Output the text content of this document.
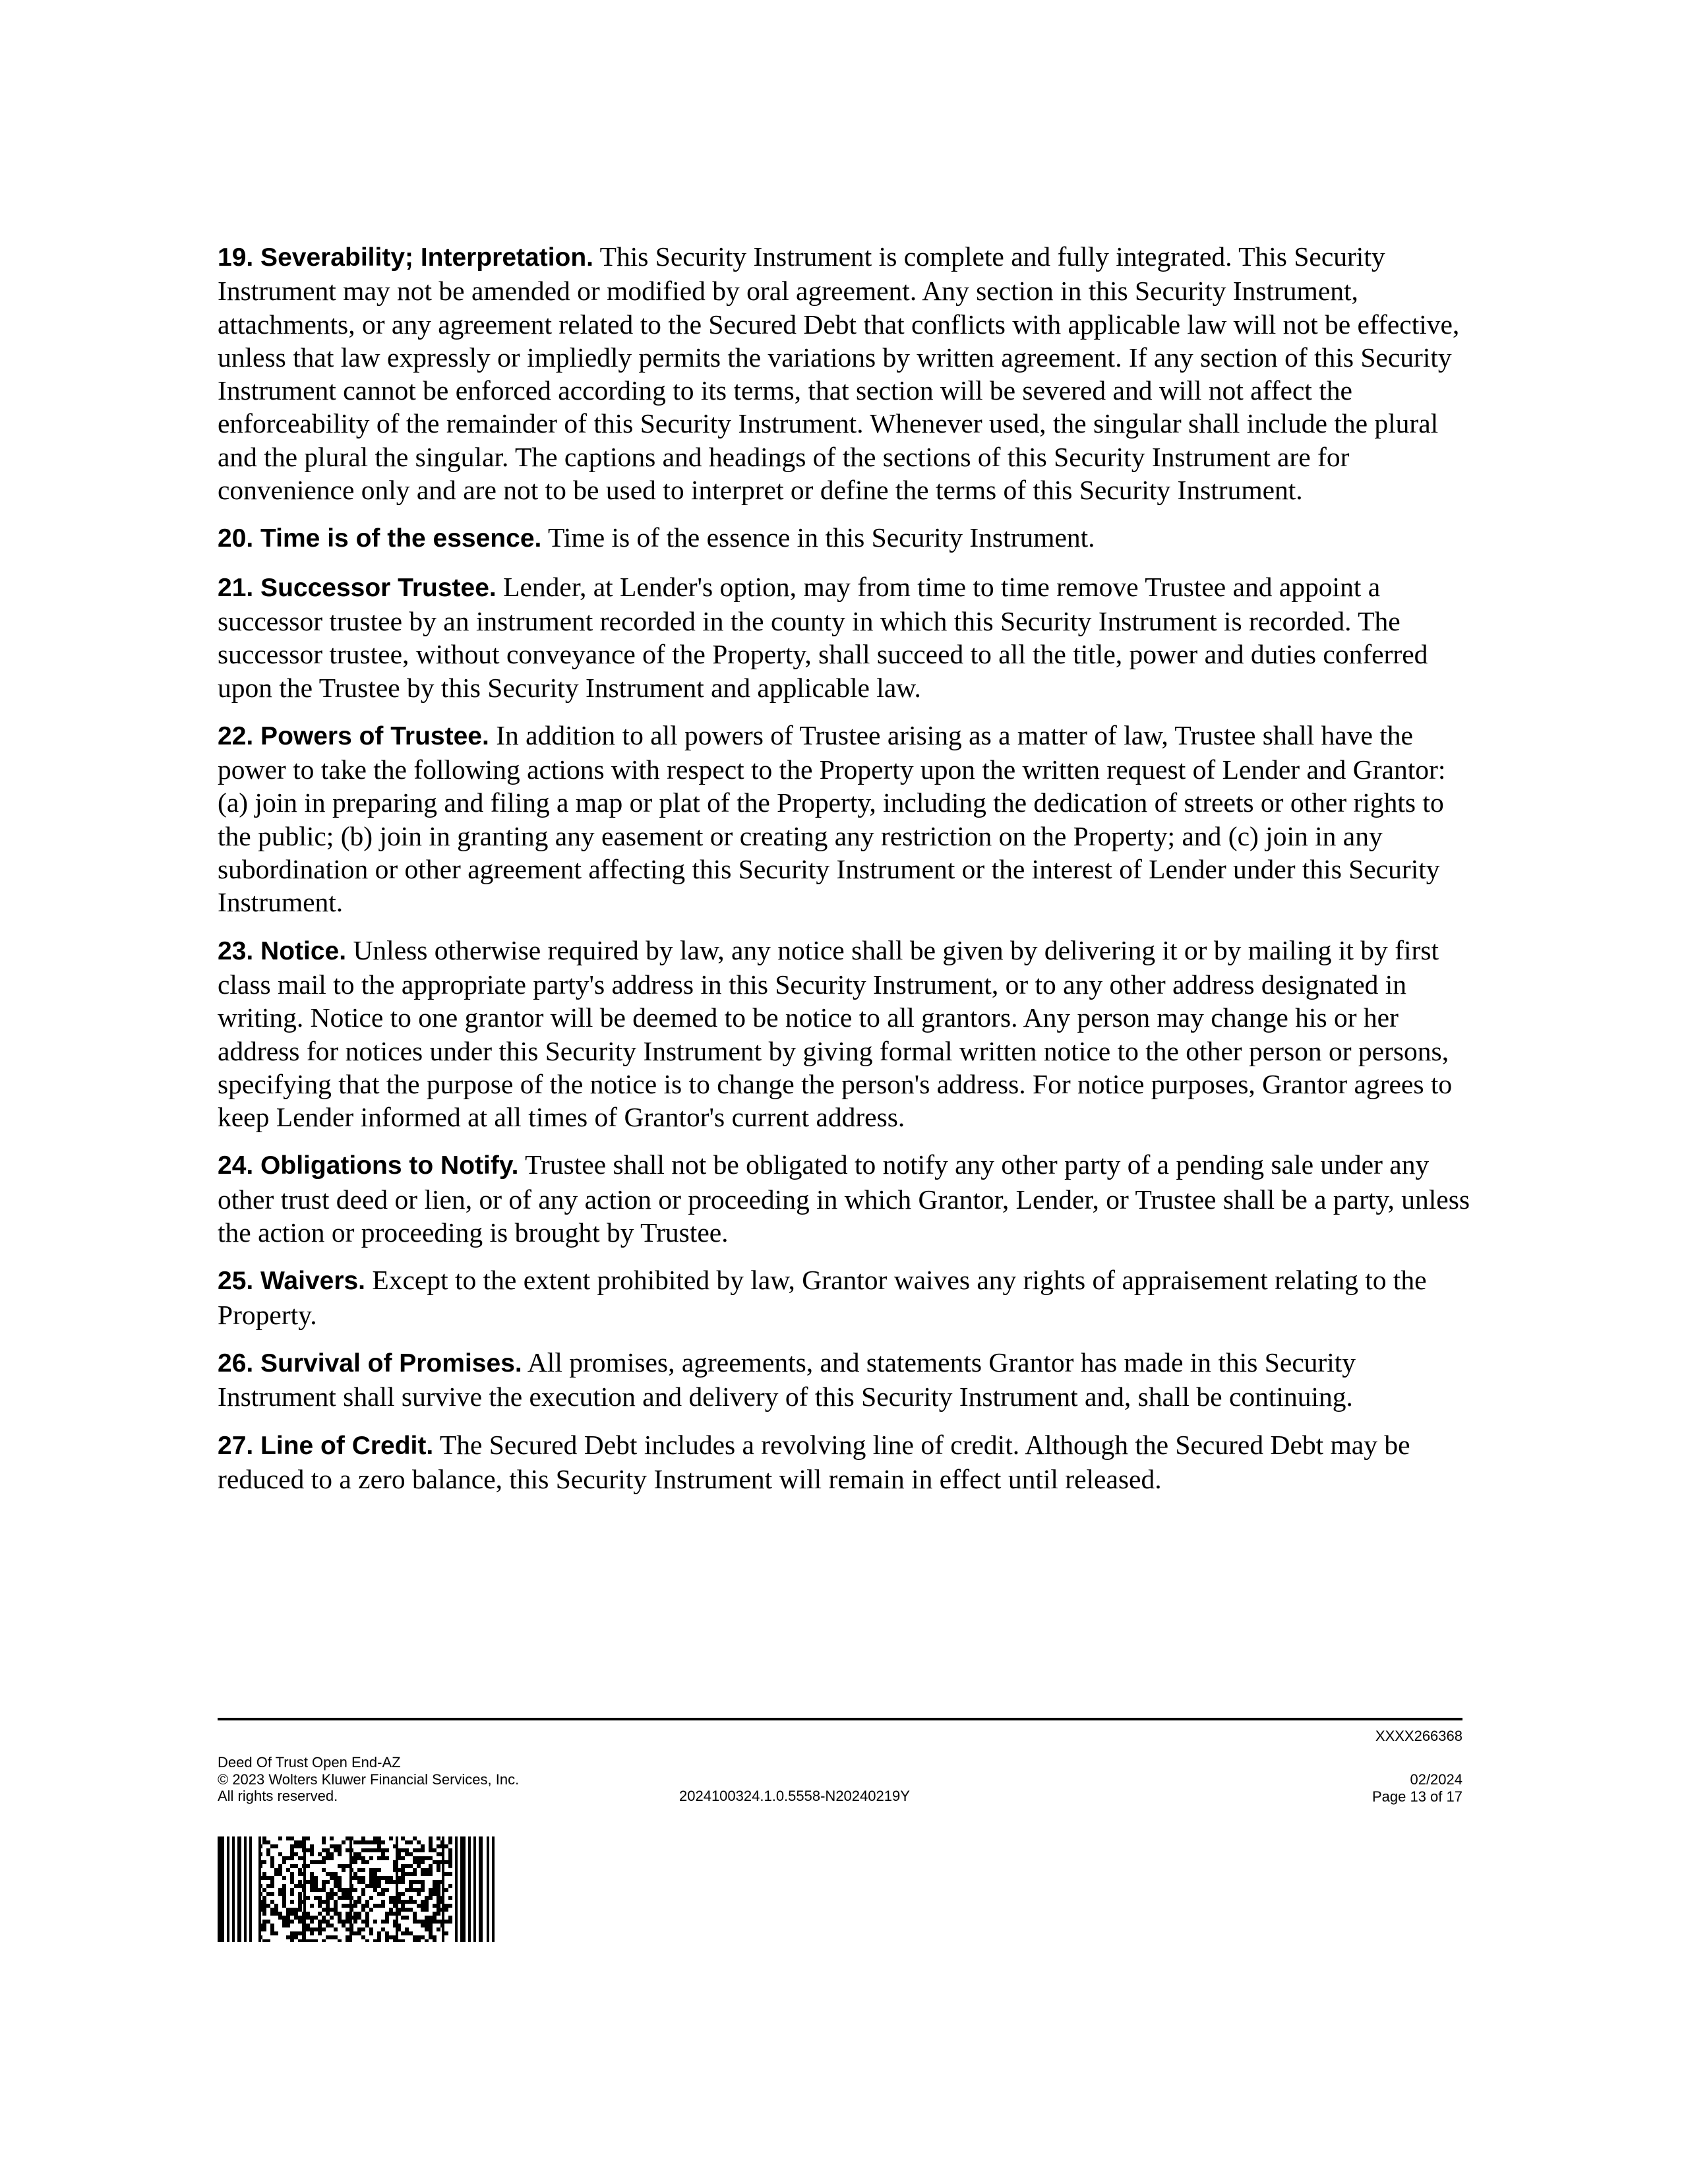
19. Severability; Interpretation. This Security Instrument is complete and fully integrated. This Security Instrument may not be amended or modified by oral agreement. Any section in this Security Instrument, attachments, or any agreement related to the Secured Debt that conflicts with applicable law will not be effective, unless that law expressly or impliedly permits the variations by written agreement. If any section of this Security Instrument cannot be enforced according to its terms, that section will be severed and will not affect the enforceability of the remainder of this Security Instrument. Whenever used, the singular shall include the plural and the plural the singular. The captions and headings of the sections of this Security Instrument are for convenience only and are not to be used to interpret or define the terms of this Security Instrument.

20. Time is of the essence. Time is of the essence in this Security Instrument.

21. Successor Trustee. Lender, at Lender's option, may from time to time remove Trustee and appoint a successor trustee by an instrument recorded in the county in which this Security Instrument is recorded. The successor trustee, without conveyance of the Property, shall succeed to all the title, power and duties conferred upon the Trustee by this Security Instrument and applicable law.

22. Powers of Trustee. In addition to all powers of Trustee arising as a matter of law, Trustee shall have the power to take the following actions with respect to the Property upon the written request of Lender and Grantor: (a) join in preparing and filing a map or plat of the Property, including the dedication of streets or other rights to the public; (b) join in granting any easement or creating any restriction on the Property; and (c) join in any subordination or other agreement affecting this Security Instrument or the interest of Lender under this Security Instrument.

23. Notice. Unless otherwise required by law, any notice shall be given by delivering it or by mailing it by first class mail to the appropriate party's address in this Security Instrument, or to any other address designated in writing. Notice to one grantor will be deemed to be notice to all grantors. Any person may change his or her address for notices under this Security Instrument by giving formal written notice to the other person or persons, specifying that the purpose of the notice is to change the person's address. For notice purposes, Grantor agrees to keep Lender informed at all times of Grantor's current address.

24. Obligations to Notify. Trustee shall not be obligated to notify any other party of a pending sale under any other trust deed or lien, or of any action or proceeding in which Grantor, Lender, or Trustee shall be a party, unless the action or proceeding is brought by Trustee.

25. Waivers. Except to the extent prohibited by law, Grantor waives any rights of appraisement relating to the Property.

26. Survival of Promises. All promises, agreements, and statements Grantor has made in this Security Instrument shall survive the execution and delivery of this Security Instrument and, shall be continuing.

27. Line of Credit. The Secured Debt includes a revolving line of credit. Although the Secured Debt may be reduced to a zero balance, this Security Instrument will remain in effect until released.

XXXX266368
Deed Of Trust Open End-AZ
© 2023 Wolters Kluwer Financial Services, Inc.
All rights reserved.	2024100324.1.0.5558-N20240219Y
02/2024
Page 13 of 17
